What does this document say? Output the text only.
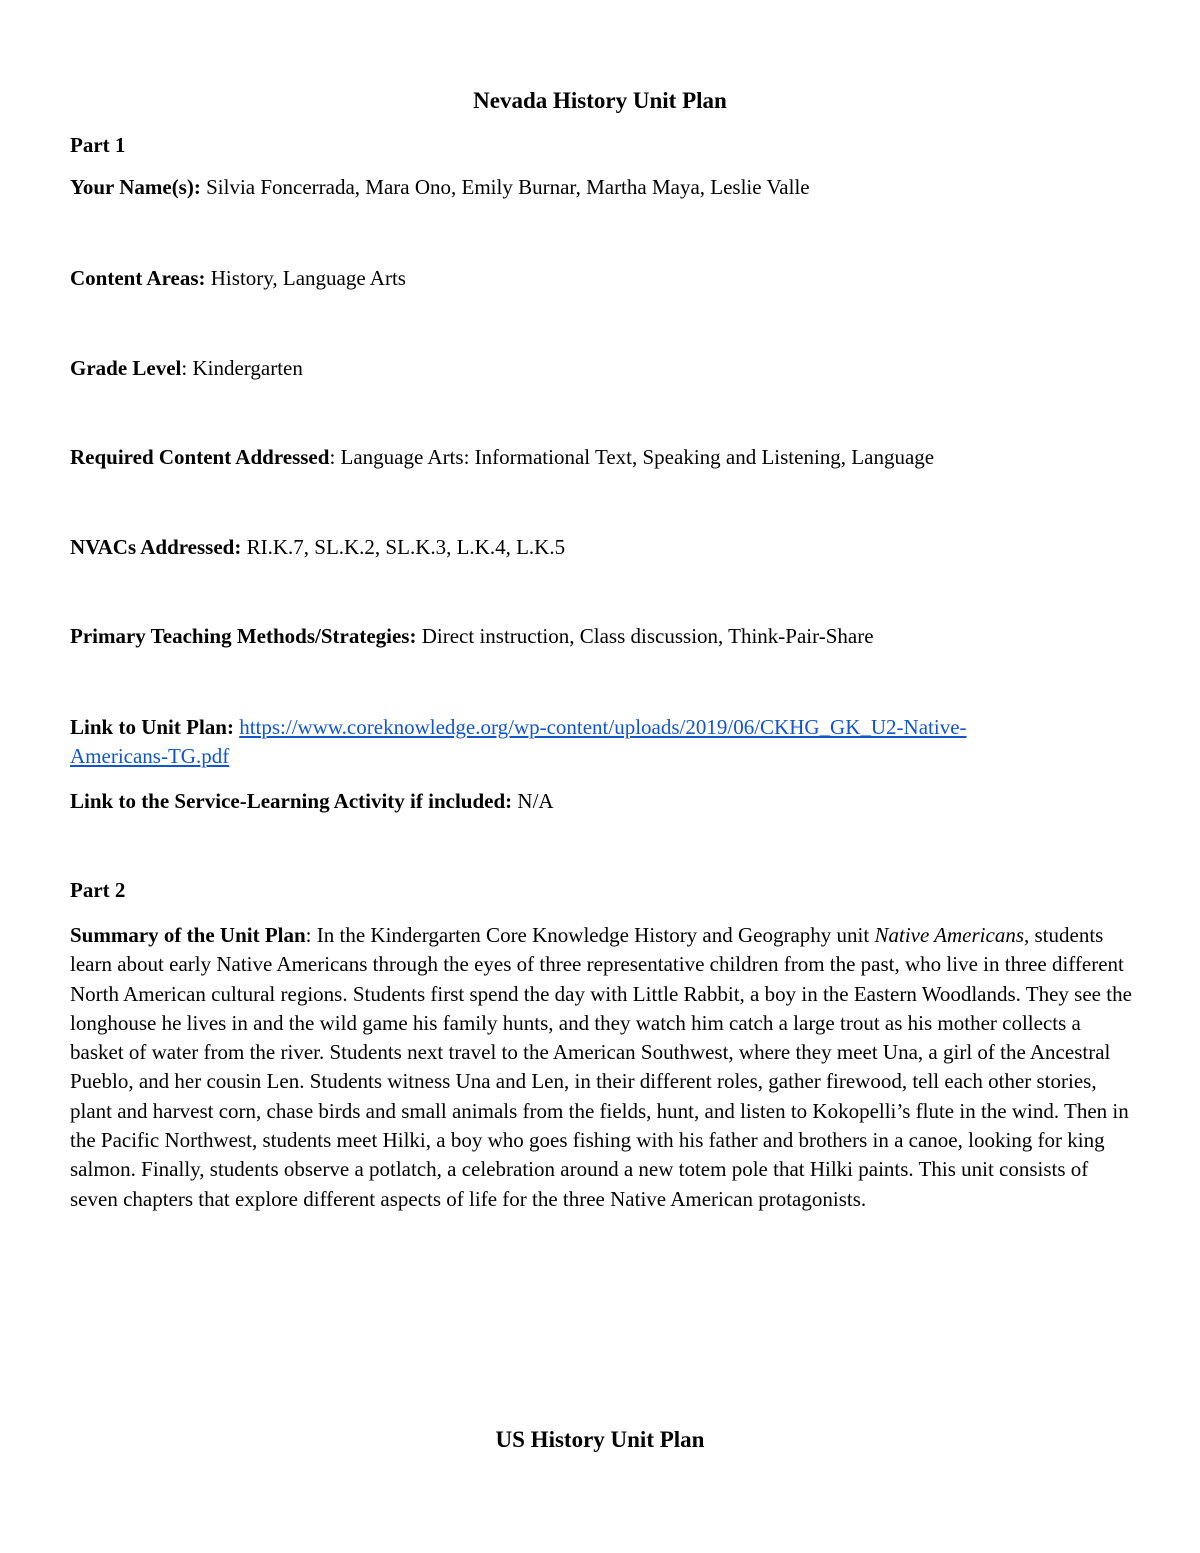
Nevada History Unit Plan

Part 1

Your Name(s): Silvia Foncerrada, Mara Ono, Emily Burnar, Martha Maya, Leslie Valle

Content Areas: History, Language Arts

Grade Level: Kindergarten

Required Content Addressed: Language Arts: Informational Text, Speaking and Listening, Language

NVACs Addressed: RI.K.7, SL.K.2, SL.K.3, L.K.4, L.K.5

Primary Teaching Methods/Strategies: Direct instruction, Class discussion, Think-Pair-Share

Link to Unit Plan: https://www.coreknowledge.org/wp-content/uploads/2019/06/CKHG_GK_U2-Native-

Americans-TG.pdf

Link to the Service-Learning Activity if included: N/A

Part 2

Summary of the Unit Plan: In the Kindergarten Core Knowledge History and Geography unit Native Americans, students learn about early Native Americans through the eyes of three representative children from the past, who live in three different North American cultural regions. Students first spend the day with Little Rabbit, a boy in the Eastern Woodlands. They see the longhouse he lives in and the wild game his family hunts, and they watch him catch a large trout as his mother collects a basket of water from the river. Students next travel to the American Southwest, where they meet Una, a girl of the Ancestral Pueblo, and her cousin Len. Students witness Una and Len, in their different roles, gather firewood, tell each other stories, plant and harvest corn, chase birds and small animals from the fields, hunt, and listen to Kokopelli’s flute in the wind. Then in the Pacific Northwest, students meet Hilki, a boy who goes fishing with his father and brothers in a canoe, looking for king salmon. Finally, students observe a potlatch, a celebration around a new totem pole that Hilki paints. This unit consists of seven chapters that explore different aspects of life for the three Native American protagonists.

US History Unit Plan
